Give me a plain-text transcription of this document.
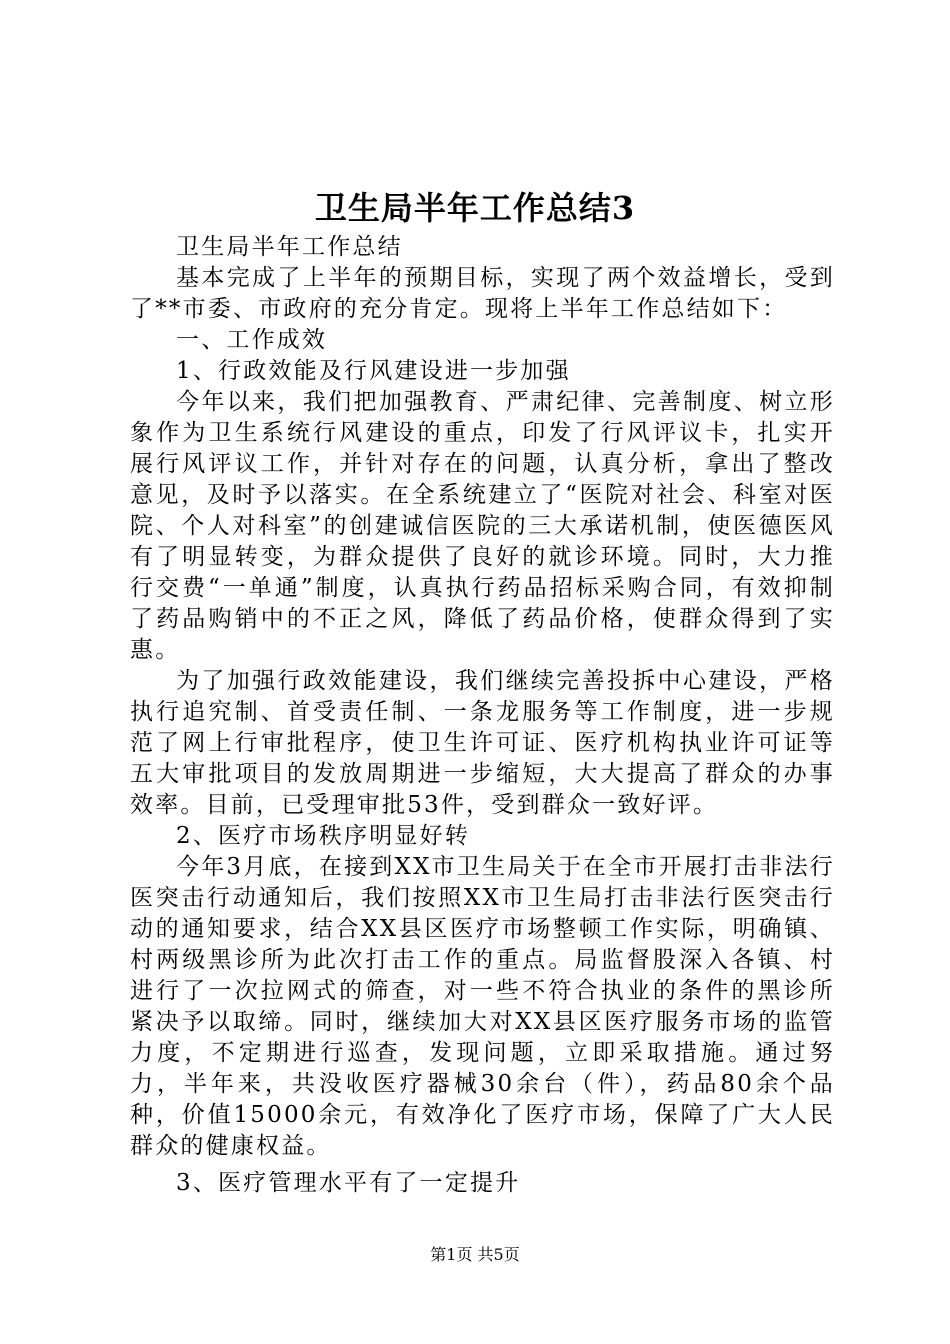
卫生局半年工作总结3

卫生局半年工作总结

基本完成了上半年的预期目标，实现了两个效益增长，受到了**市委、市政府的充分肯定。现将上半年工作总结如下：

一、工作成效

1、行政效能及行风建设进一步加强

今年以来，我们把加强教育、严肃纪律、完善制度、树立形象作为卫生系统行风建设的重点，印发了行风评议卡，扎实开展行风评议工作，并针对存在的问题，认真分析，拿出了整改意见，及时予以落实。在全系统建立了“医院对社会、科室对医院、个人对科室”的创建诚信医院的三大承诺机制，使医德医风有了明显转变，为群众提供了良好的就诊环境。同时，大力推行交费“一单通”制度，认真执行药品招标采购合同，有效抑制了药品购销中的不正之风，降低了药品价格，使群众得到了实惠。

为了加强行政效能建设，我们继续完善投拆中心建设，严格执行追究制、首受责任制、一条龙服务等工作制度，进一步规范了网上行审批程序，使卫生许可证、医疗机构执业许可证等五大审批项目的发放周期进一步缩短，大大提高了群众的办事效率。目前，已受理审批53件，受到群众一致好评。

2、医疗市场秩序明显好转

今年3月底，在接到XX市卫生局关于在全市开展打击非法行医突击行动通知后，我们按照XX市卫生局打击非法行医突击行动的通知要求，结合XX县区医疗市场整顿工作实际，明确镇、村两级黑诊所为此次打击工作的重点。局监督股深入各镇、村进行了一次拉网式的筛查，对一些不符合执业的条件的黑诊所紧决予以取缔。同时，继续加大对XX县区医疗服务市场的监管力度，不定期进行巡查，发现问题，立即采取措施。通过努力，半年来，共没收医疗器械30余台（件），药品80余个品种，价值15000余元，有效净化了医疗市场，保障了广大人民群众的健康权益。

3、医疗管理水平有了一定提升

第1页 共5页
